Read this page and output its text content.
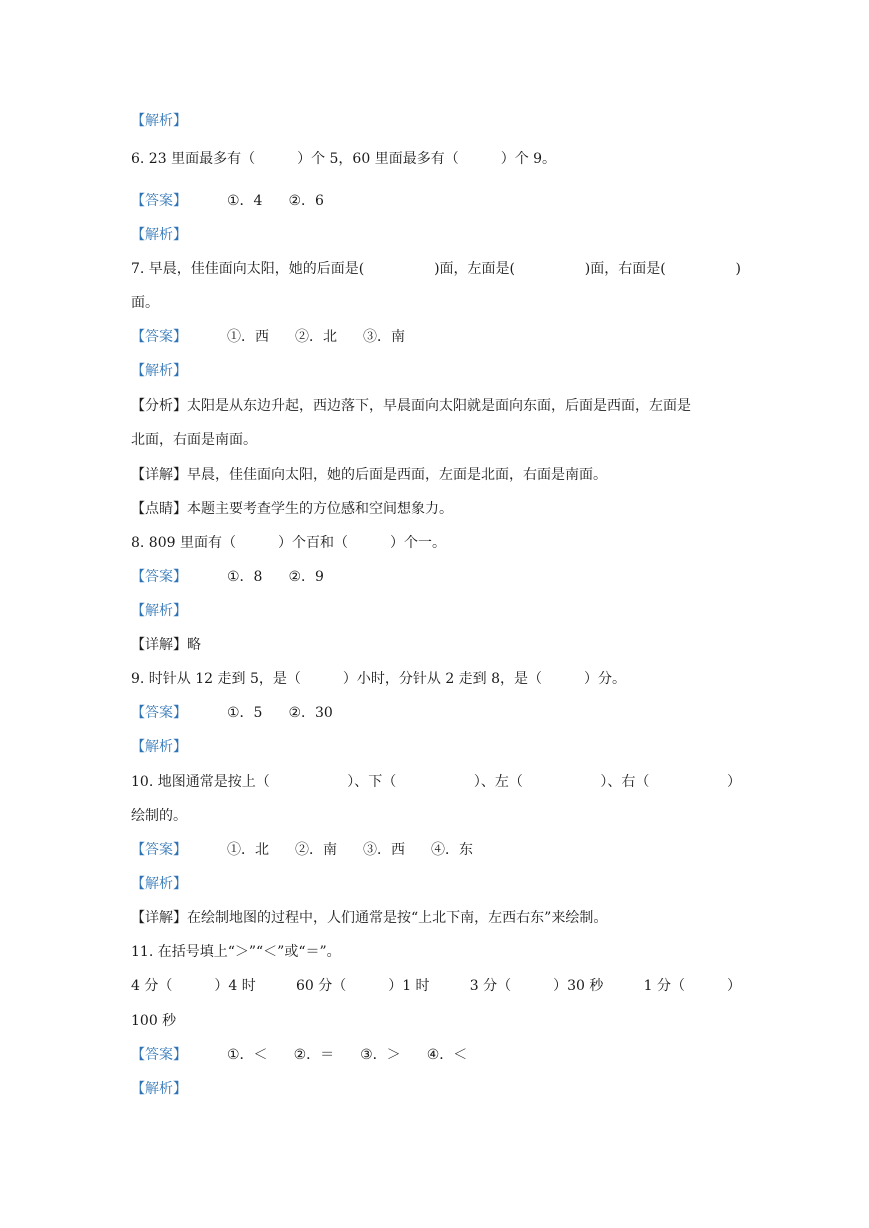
【解析】
6. 23 里面最多有（　　　）个 5，60 里面最多有（　　　）个 9。
【答案】	①．4 ②．6
【解析】
7. 早晨，佳佳面向太阳，她的后面是(	)面，左面是(	)面，右面是(	)
面。
【答案】	①．西 ②．北 ③．南
【解析】
【分析】太阳是从东边升起，西边落下，早晨面向太阳就是面向东面，后面是西面，左面是
北面，右面是南面。
【详解】早晨，佳佳面向太阳，她的后面是西面，左面是北面，右面是南面。
【点睛】本题主要考查学生的方位感和空间想象力。
8. 809 里面有（　　　）个百和（　　　）个一。
【答案】	①．8 ②．9
【解析】
【详解】略
9. 时针从 12 走到 5，是（　　　）小时，分针从 2 走到 8，是（　　　）分。
【答案】	①．5 ②．30
【解析】
10. 地图通常是按上（	）、下（	）、左（	）、右（	）
绘制的。
【答案】	①．北 ②．南 ③．西 ④．东
【解析】
【详解】在绘制地图的过程中，人们通常是按“上北下南，左西右东”来绘制。
11. 在括号填上“＞”“＜”或“＝”。
4 分（　　　）4 时	60 分（　　　）1 时	3 分（　　　）30 秒	1 分（　　　）
100 秒
【答案】	①．＜ ②．＝ ③．＞ ④．＜
【解析】
